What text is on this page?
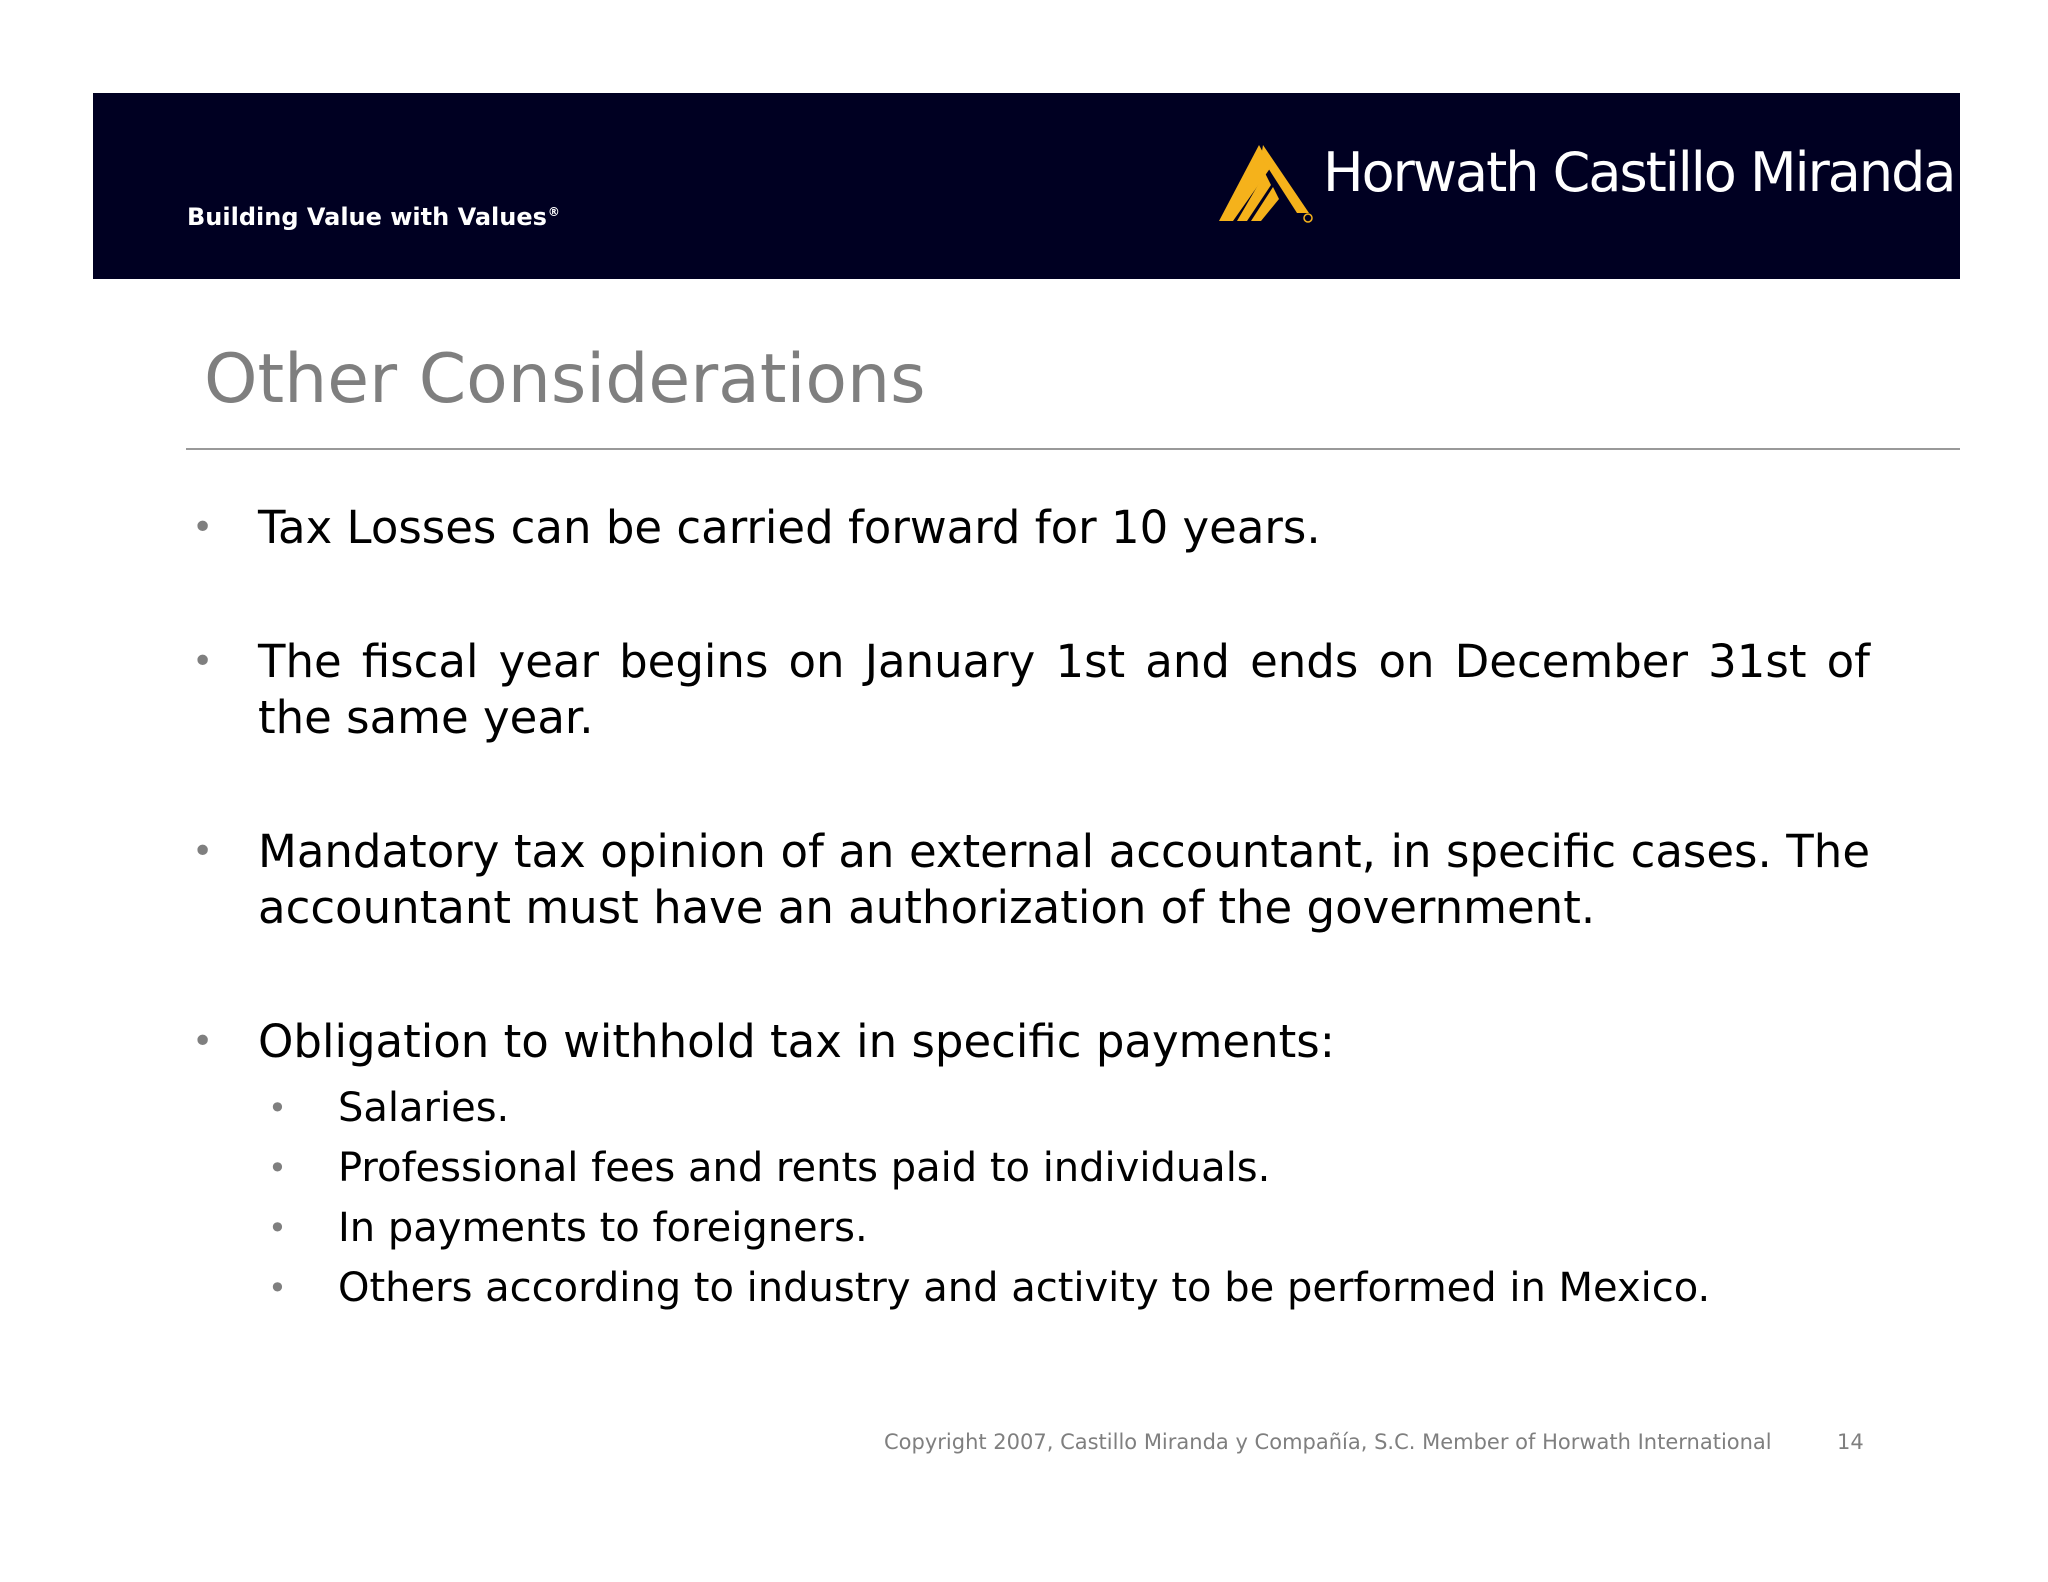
Building Value with Values®
Horwath Castillo Miranda
Other Considerations
• Tax Losses can be carried forward for 10 years.
• The fiscal year begins on January 1st and ends on December 31st of the same year.
• Mandatory tax opinion of an external accountant, in specific cases. The accountant must have an authorization of the government.
• Obligation to withhold tax in specific payments:
• Salaries.
• Professional fees and rents paid to individuals.
• In payments to foreigners.
• Others according to industry and activity to be performed in Mexico.
Copyright 2007, Castillo Miranda y Compañía, S.C. Member of Horwath International	14
